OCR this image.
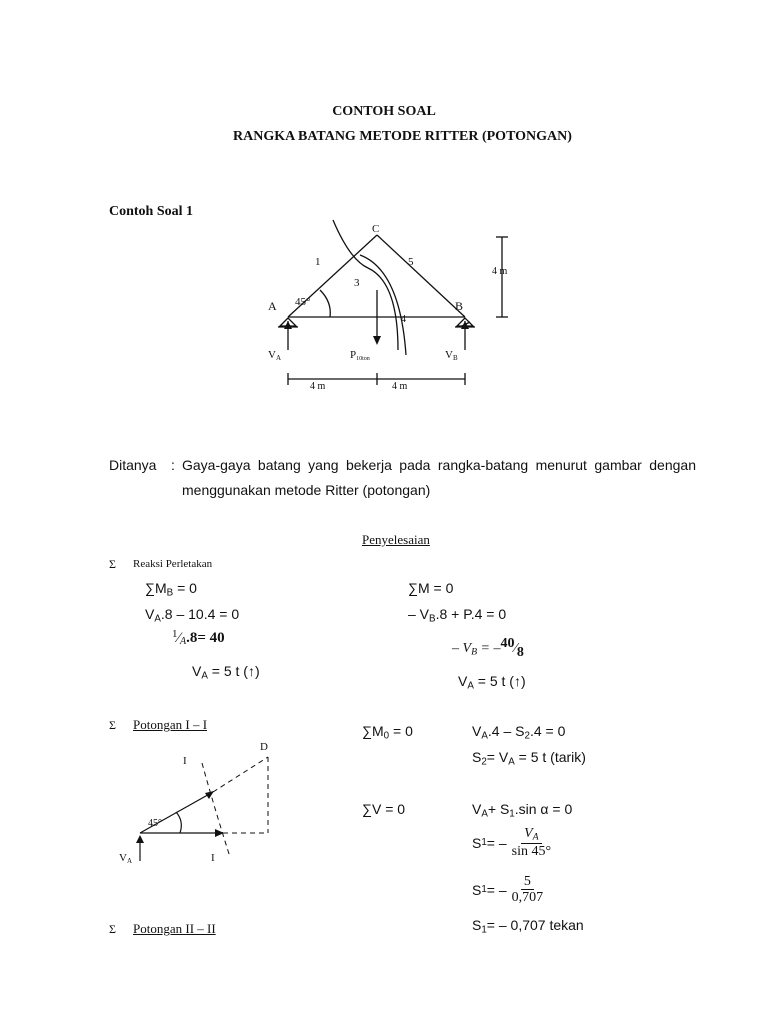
CONTOH SOAL
RANGKA BATANG METODE RITTER (POTONGAN)
Contoh Soal 1
C
A	B
1
3
4
5
45°
4 m
VA	P10ton	VB
4 m	4 m
Ditanya : Gaya-gaya batang yang bekerja pada rangka-batang menurut gambar dengan
menggunakan metode Ritter (potongan)
Penyelesaian
Σ Reaksi Perletakan
$\sum M_B = 0$
$V_A.8 - 10.4 = 0$
$^1$⁄A.8= 40
$V_A = 5$ t (↑)
∑M = 0
– $V_B.8 + P.4 = 0$
– $V_B$ = –40⁄8
$V_A = 5$ t (↑)
Σ Potongan I – I
D
I
I
45°
VA
$\sum M_0 = 0$	$V_A.4 - S_2.4 = 0$
$S_2= V_A = 5$ t (tarik)
∑V = 0	$V_A+ S_1.\sin$ α = 0
S 1 = – $\frac{V_A}{\sin 45^\circ}$
S 1 = – $\frac{5}{0,707}$
$S_1= - 0,707$ tekan
Σ Potongan II – II
